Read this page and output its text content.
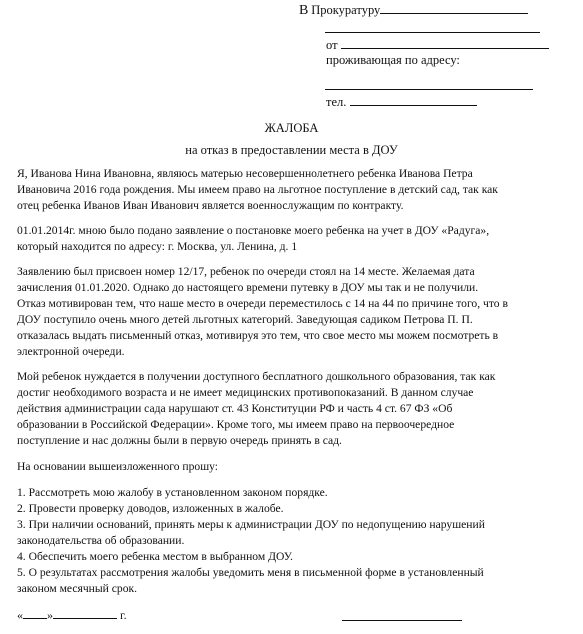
В Прокуратуру
от
проживающая по адресу:
тел.
ЖАЛОБА
на отказ в предоставлении места в ДОУ
Я, Иванова Нина Ивановна, являюсь матерью несовершеннолетнего ребенка Иванова Петра
Ивановича 2016 года рождения. Мы имеем право на льготное поступление в детский сад, так как
отец ребенка Иванов Иван Иванович является военнослужащим по контракту.
01.01.2014г. мною было подано заявление о постановке моего ребенка на учет в ДОУ «Радуга»,
который находится по адресу: г. Москва, ул. Ленина, д. 1
Заявлению был присвоен номер 12/17, ребенок по очереди стоял на 14 месте. Желаемая дата
зачисления 01.01.2020. Однако до настоящего времени путевку в ДОУ мы так и не получили.
Отказ мотивирован тем, что наше место в очереди переместилось с 14 на 44 по причине того, что в
ДОУ поступило очень много детей льготных категорий. Заведующая садиком Петрова П. П.
отказалась выдать письменный отказ, мотивируя это тем, что свое место мы можем посмотреть в
электронной очереди.
Мой ребенок нуждается в получении доступного бесплатного дошкольного образования, так как
достиг необходимого возраста и не имеет медицинских противопоказаний. В данном случае
действия администрации сада нарушают ст. 43 Конституции РФ и часть 4 ст. 67 ФЗ «Об
образовании в Российской Федерации». Кроме того, мы имеем право на первоочередное
поступление и нас должны были в первую очередь принять в сад.
На основании вышеизложенного прошу:
1. Рассмотреть мою жалобу в установленном законом порядке.
2. Провести проверку доводов, изложенных в жалобе.
3. При наличии оснований, принять меры к администрации ДОУ по недопущению нарушений
законодательства об образовании.
4. Обеспечить моего ребенка местом в выбранном ДОУ.
5. О результатах рассмотрения жалобы уведомить меня в письменной форме в установленный
законом месячный срок.
« »	г.
